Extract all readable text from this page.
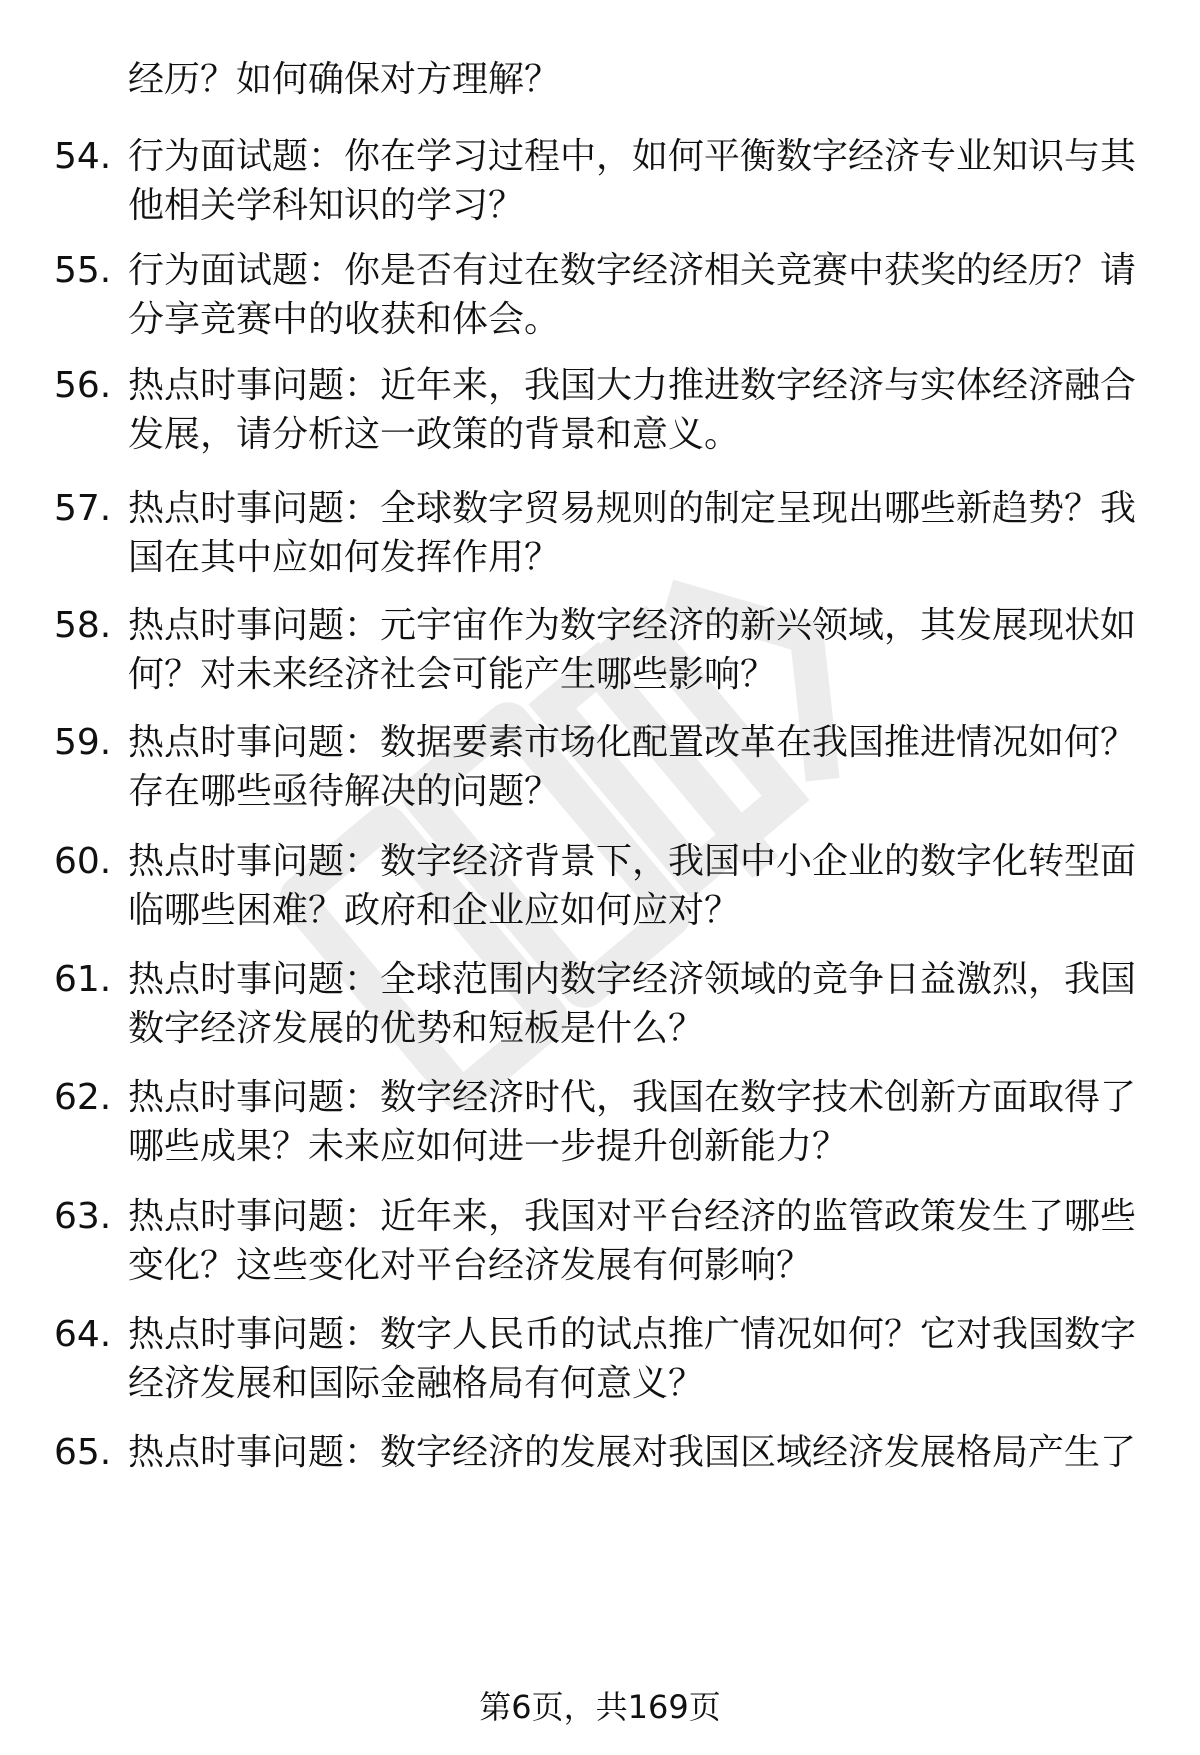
经历？如何确保对方理解？
54. 行为面试题：你在学习过程中，如何平衡数字经济专业知识与其
他相关学科知识的学习？
55. 行为面试题：你是否有过在数字经济相关竞赛中获奖的经历？请
分享竞赛中的收获和体会。
56. 热点时事问题：近年来，我国大力推进数字经济与实体经济融合
发展，请分析这一政策的背景和意义。
57. 热点时事问题：全球数字贸易规则的制定呈现出哪些新趋势？我
国在其中应如何发挥作用？
58. 热点时事问题：元宇宙作为数字经济的新兴领域，其发展现状如
何？对未来经济社会可能产生哪些影响？
59. 热点时事问题：数据要素市场化配置改革在我国推进情况如何？
存在哪些亟待解决的问题？
60. 热点时事问题：数字经济背景下，我国中小企业的数字化转型面
临哪些困难？政府和企业应如何应对？
61. 热点时事问题：全球范围内数字经济领域的竞争日益激烈，我国
数字经济发展的优势和短板是什么？
62. 热点时事问题：数字经济时代，我国在数字技术创新方面取得了
哪些成果？未来应如何进一步提升创新能力？
63. 热点时事问题：近年来，我国对平台经济的监管政策发生了哪些
变化？这些变化对平台经济发展有何影响？
64. 热点时事问题：数字人民币的试点推广情况如何？它对我国数字
经济发展和国际金融格局有何意义？
65. 热点时事问题：数字经济的发展对我国区域经济发展格局产生了
第6页，共169页
